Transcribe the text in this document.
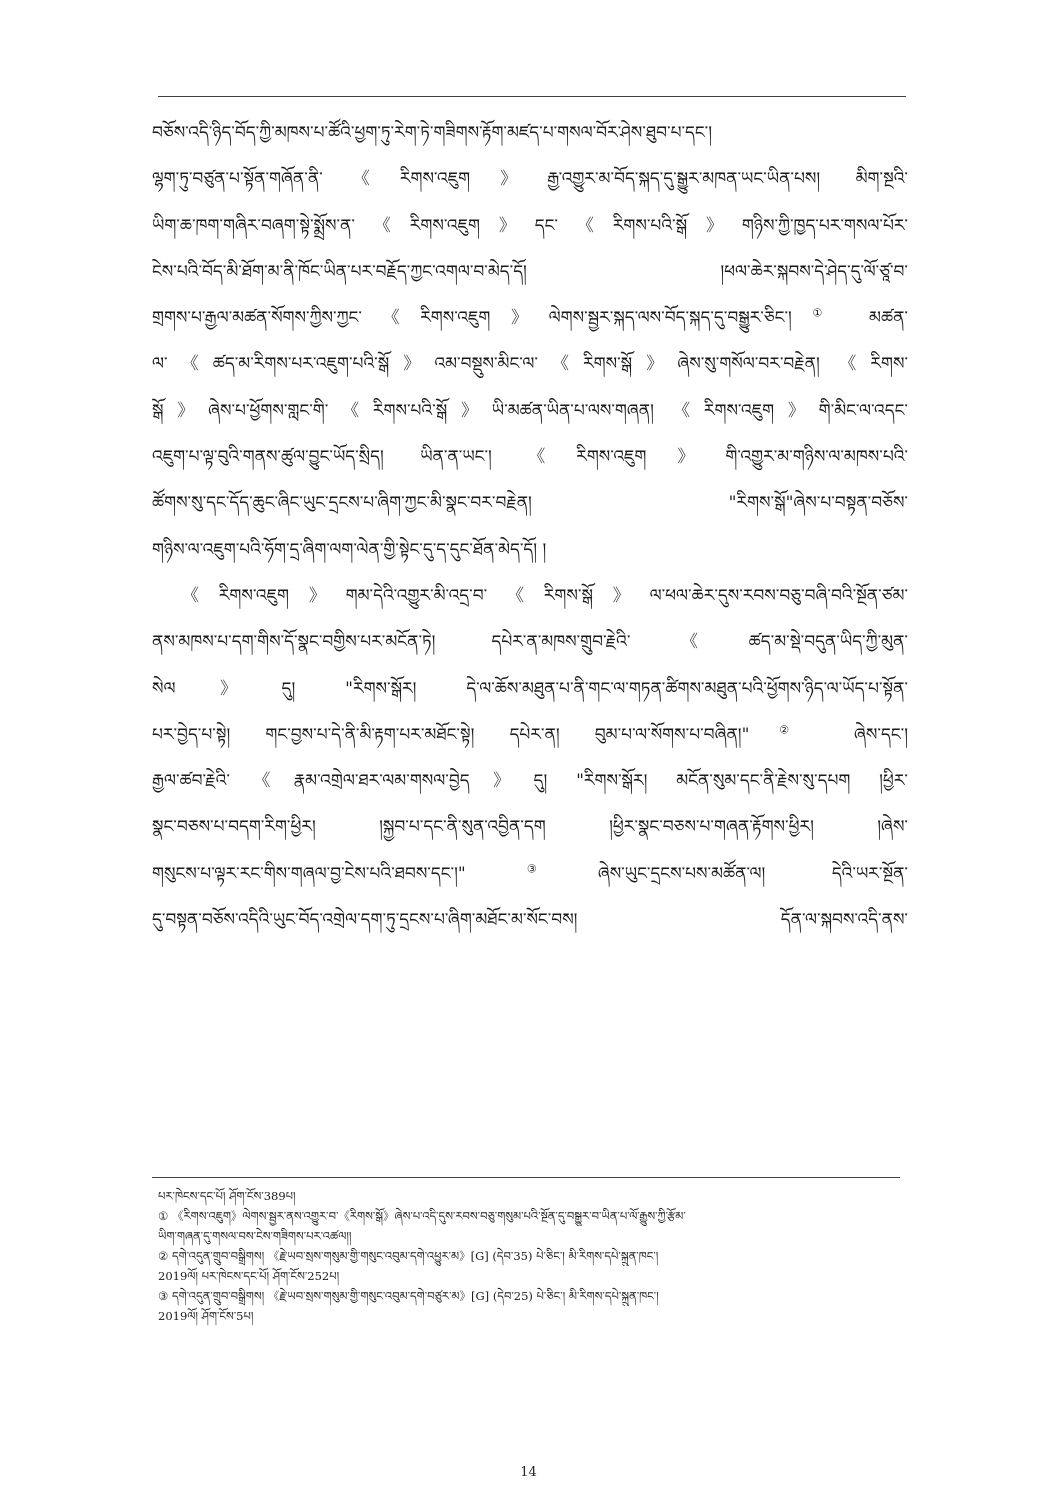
བཅོས་འདི་ཉིད་བོད་ཀྱི་མཁས་པ་ཚོའི་ཕྱག་ཏུ་རེག་ཏེ་གཟིགས་རྟོག་མཛད་པ་གསལ་བོར་ཤེས་ཐུབ་པ་དང་།
ལྷག་ཏུ་བཙུན་པ་སྟོན་གཞོན་ནི་《རིགས་འཇུག》རྒྱ་འགྱུར་མ་བོད་སྐད་དུ་སྒྱུར་མཁན་ཡང་ཡིན་པས། མིག་སྔའི་
ཡིག་ཆ་ཁག་གཞིར་བཞག་སྟེ་སྨྲོས་ན་《རིགས་འཇུག》དང་《རིགས་པའི་སྒོ》གཉིས་ཀྱི་ཁྱད་པར་གསལ་པོར་
ངེས་པའི་བོད་མི་ཐོག་མ་ནི་ཁོང་ཡིན་པར་བརྗོད་ཀྱང་འགལ་བ་མེད་དོ། །ཕལ་ཆེར་སྐབས་དེ་ཤེད་དུ་ལོ་ཙཱ་བ་
གྲགས་པ་རྒྱལ་མཚན་སོགས་ཀྱིས་ཀྱང་《རིགས་འཇུག》ལེགས་སྦྱར་སྐད་ལས་བོད་སྐད་དུ་བསྒྱུར་ཅིང་།① མཚན་
ལ་《ཚད་མ་རིགས་པར་འཇུག་པའི་སྒོ》འམ་བསྡུས་མིང་ལ་《རིགས་སྒོ》ཞེས་སུ་གསོལ་བར་བརྗེན། 《རིགས་
སྒོ》ཞེས་པ་ཕྱོགས་གླང་གི་《རིགས་པའི་སྒོ》ཡི་མཚན་ཡིན་པ་ལས་གཞན། 《རིགས་འཇུག》གི་མིང་ལ་འདང་
འཇུག་པ་ལྟ་བུའི་གནས་ཚུལ་བྱུང་ཡོད་སྲིད། ཡིན་ན་ཡང་། 《རིགས་འཇུག》གི་འགྱུར་མ་གཉིས་ལ་མཁས་པའི་
ཚོགས་སུ་དང་དོད་ཆུང་ཞིང་ཡུང་དྲངས་པ་ཞིག་ཀྱང་མི་སྣང་བར་བརྗེན། "རིགས་སྒོ"ཞེས་པ་བསྟན་བཅོས་
གཉིས་ལ་འཇུག་པའི་ཧོག་དྲ་ཞིག་ལག་ལེན་གྱི་སྟེང་དུ་ད་དུང་ཐོན་མེད་དོ། །
《རིགས་འཇུག》གམ་དེའི་འགྱུར་མི་འདྲ་བ་《རིགས་སྒོ》ལ་ཕལ་ཆེར་དུས་རབས་བཅུ་བཞི་བའི་སྔོན་ཙམ་
ནས་མཁས་པ་དག་གིས་དོ་སྣང་བགྱིས་པར་མངོན་ཏེ། དཔེར་ན་མཁས་གྲུབ་རྗེའི་《ཚད་མ་སྡེ་བདུན་ཡིད་ཀྱི་མུན་
སེལ》དུ། "རིགས་སྒོར། དེ་ལ་ཆོས་མཐུན་པ་ནི་གང་ལ་གཏན་ཚིགས་མཐུན་པའི་ཕྱོགས་ཉིད་ལ་ཡོད་པ་སྟོན་
པར་བྱེད་པ་སྟེ། གང་བྱས་པ་དེ་ནི་མི་རྟག་པར་མཐོང་སྟེ། དཔེར་ན། བུམ་པ་ལ་སོགས་པ་བཞིན།"② ཞེས་དང་།
རྒྱལ་ཚབ་རྗེའི་《རྣམ་འགྲེལ་ཐར་ལམ་གསལ་བྱེད》དུ། "རིགས་སྒོར། མངོན་སུམ་དང་ནི་རྗེས་སུ་དཔག །ཕྱིར་
སྣང་བཅས་པ་བདག་རིག་ཕྱིར། །སྐྱབ་པ་དང་ནི་སུན་འབྱིན་དག །ཕྱིར་སྣང་བཅས་པ་གཞན་རྟོགས་ཕྱིར། །ཞེས་
གསུངས་པ་ལྟར་རང་གིས་གཞལ་བྱ་ངེས་པའི་ཐབས་དང་།"③ཞེས་ཡུང་དྲངས་པས་མཚོན་ལ། དེའི་ཡར་སྔོན་
དུ་བསྟན་བཅོས་འདིའི་ཡུང་བོད་འགྲེལ་དག་ཏུ་དྲངས་པ་ཞིག་མཐོང་མ་སོང་བས། དོན་ལ་སྐབས་འདི་ནས་
པར་ཁེངས་དང་པོ། ཤོག་ངོས་389པ།
① 《རིགས་འཇུག》ལེགས་སྦྱར་ནས་འགྱུར་བ་《རིགས་སྒོ》ཞེས་པ་འདི་དུས་རབས་བཅུ་གསུམ་པའི་སྔོན་དུ་བསྒྱུར་བ་ཡིན་པ་ལོ་རྒྱུས་ཀྱི་རྩོམ་
ཡིག་གཞན་དུ་གསལ་བས་ངེས་གཟིགས་པར་འཚལ།།
② དགེ་འདུན་གྲུབ་བསྒྲིགས། 《རྗེ་ཡབ་སྲས་གསུམ་གྱི་གསུང་འབུམ་དགེ་འཕྱུར་མ》[G] (དེབ་35) པེ་ཅིང་། མི་རིགས་དཔེ་སྐྲུན་ཁང་།
2019ལོ། པར་ཁེངས་དང་པོ། ཤོག་ངོས་252པ།
③ དགེ་འདུན་གྲུབ་བསྒྲིགས། 《རྗེ་ཡབ་སྲས་གསུམ་གྱི་གསུང་འབུམ་དགེ་བཙུར་མ》[G] (དེབ་25) པེ་ཅིང་། མི་རིགས་དཔེ་སྐྲུན་ཁང་།
2019ལོ། ཤོག་ངོས་5པ།
14
